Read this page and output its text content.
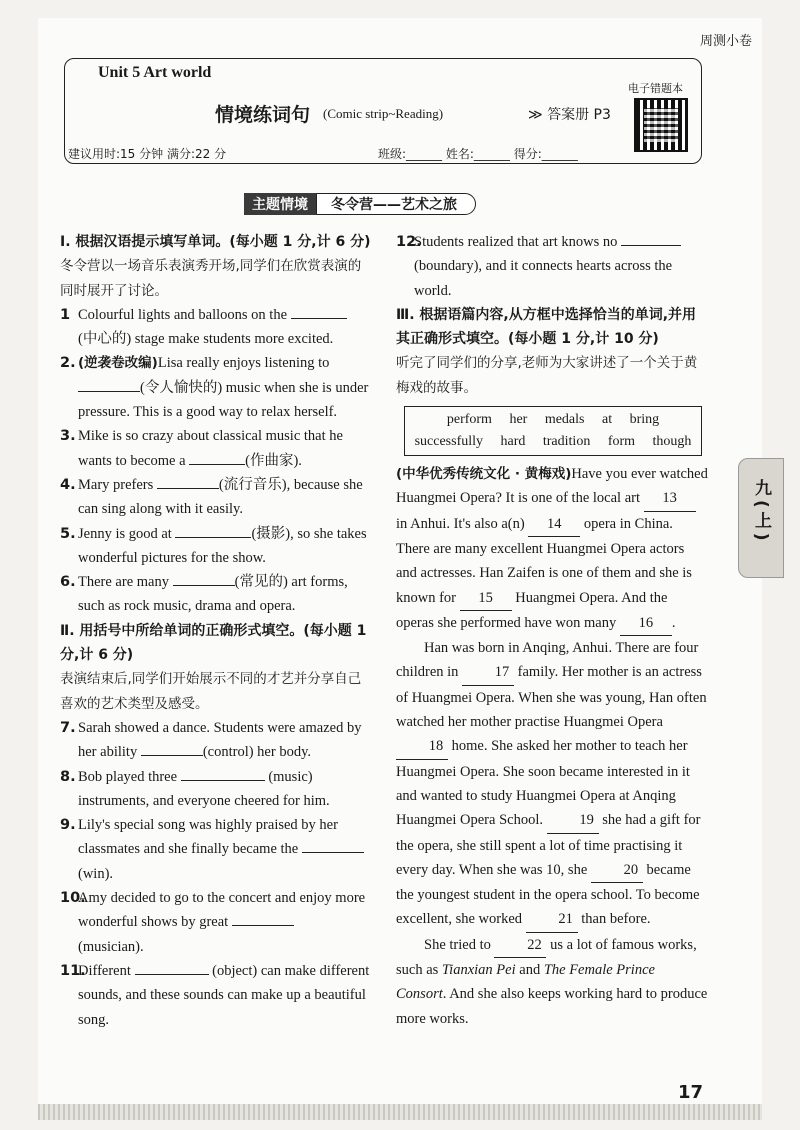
周测小卷
Unit 5 Art world
情境练词句 (Comic strip~Reading)	≫ 答案册 P3
电子错题本
建议用时:15 分钟 满分:22 分	班级:______ 姓名:______ 得分:______
主题情境	冬令营——艺术之旅
Ⅰ. 根据汉语提示填写单词。(每小题 1 分,计 6 分)
冬令营以一场音乐表演秀开场,同学们在欣赏表演的同时展开了讨论。

1 Colourful lights and balloons on the
(中心的) stage make students more excited.

2. (逆袭卷改编)Lisa really enjoys listening to (令人愉快的) music when she is under pressure. This is a good way to relax herself.

3. Mike is so crazy about classical music that he wants to become a	(作曲家).

4. Mary prefers	(流行音乐), because she can sing along with it easily.

5. Jenny is good at	(摄影), so she takes wonderful pictures for the show.

6. There are many	(常见的) art forms, such as rock music, drama and opera.

Ⅱ. 用括号中所给单词的正确形式填空。(每小题 1 分,计 6 分)
表演结束后,同学们开始展示不同的才艺并分享自己喜欢的艺术类型及感受。

7. Sarah showed a dance. Students were amazed by her ability	(control) her body.

8. Bob played three	(music) instruments, and everyone cheered for him.

9. Lily's special song was highly praised by her classmates and she finally became the
(win).

10.Amy decided to go to the concert and enjoy more wonderful shows by great
(musician).

11.Different	(object) can make different sounds, and these sounds can make up a beautiful song.

12.Students realized that art knows no (boundary), and it connects hearts across the world.

Ⅲ. 根据语篇内容,从方框中选择恰当的单词,并用其正确形式填空。(每小题 1 分,计 10 分)
听完了同学们的分享,老师为大家讲述了一个关于黄梅戏的故事。
perform her medals at bring
successfully hard tradition form though

(中华优秀传统文化 · 黄梅戏)Have you ever watched Huangmei Opera? It is one of the local art 13 in Anhui. It's also a(n) 14 opera in China. There are many excellent Huangmei Opera actors and actresses. Han Zaifen is one of them and she is known for 15 Huangmei Opera. And the operas she performed have won many 16 .

Han was born in Anqing, Anhui. There are four children in	17 family. Her mother is an actress of Huangmei Opera. When she was young, Han often watched her mother practise Huangmei Opera 18 home. She asked her mother to teach her Huangmei Opera. She soon became interested in it and wanted to study Huangmei Opera at Anqing Huangmei Opera School.	19 she had a gift for the opera, she still spent a lot of time practising it every day. When she was 10, she	20 became the youngest student in the opera school. To become excellent, she worked	21 than before.

She tried to	22 us a lot of famous works, such as Tianxian Pei and The Female Prince Consort. And she also keeps working hard to produce more works.

九(上)
17
